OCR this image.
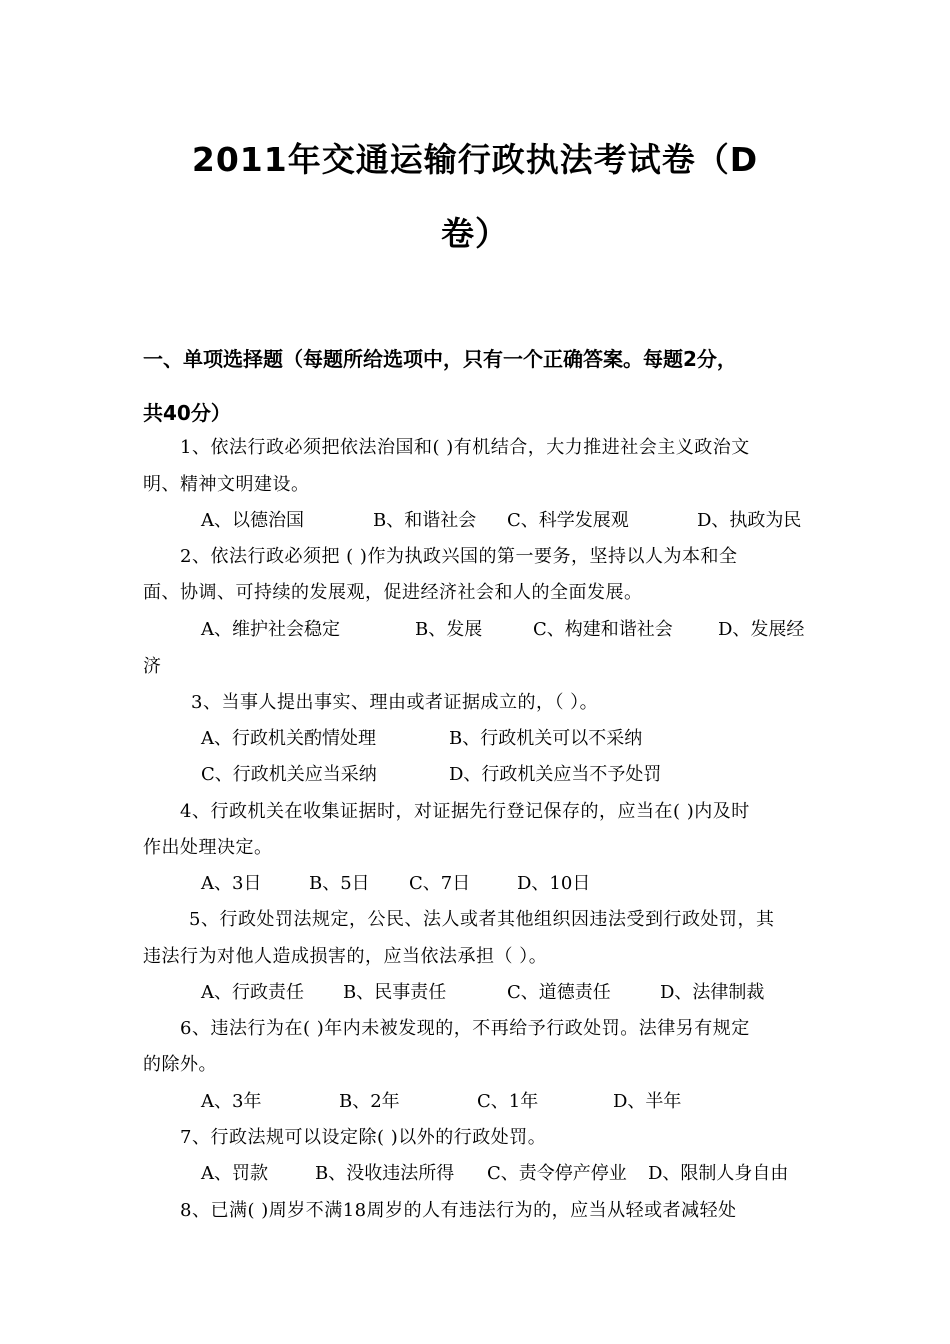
2011年交通运输行政执法考试卷（D
卷）
一、单项选择题（每题所给选项中，只有一个正确答案。每题2分，
共40分）
1、依法行政必须把依法治国和( )有机结合，大力推进社会主义政治文
明、精神文明建设。
A、以德治国	B、和谐社会 C、科学发展观	D、执政为民
2、依法行政必须把 ( )作为执政兴国的第一要务，坚持以人为本和全
面、协调、可持续的发展观，促进经济社会和人的全面发展。
A、维护社会稳定	B、发展	C、构建和谐社会	D、发展经
济
3、当事人提出事实、理由或者证据成立的，（ ）。
A、行政机关酌情处理	B、行政机关可以不采纳
C、行政机关应当采纳	D、行政机关应当不予处罚
4、行政机关在收集证据时，对证据先行登记保存的，应当在( )内及时
作出处理决定。
A、3日	B、5日 C、7日	D、10日
5、行政处罚法规定，公民、法人或者其他组织因违法受到行政处罚，其
违法行为对他人造成损害的，应当依法承担（ ）。
A、行政责任 B、民事责任	C、道德责任	D、法律制裁
6、违法行为在( )年内未被发现的，不再给予行政处罚。法律另有规定
的除外。
A、3年	B、2年	C、1年	D、半年
7、行政法规可以设定除( )以外的行政处罚。
A、罚款	B、没收违法所得 C、责令停产停业 D、限制人身自由
8、已满( )周岁不满18周岁的人有违法行为的，应当从轻或者减轻处
